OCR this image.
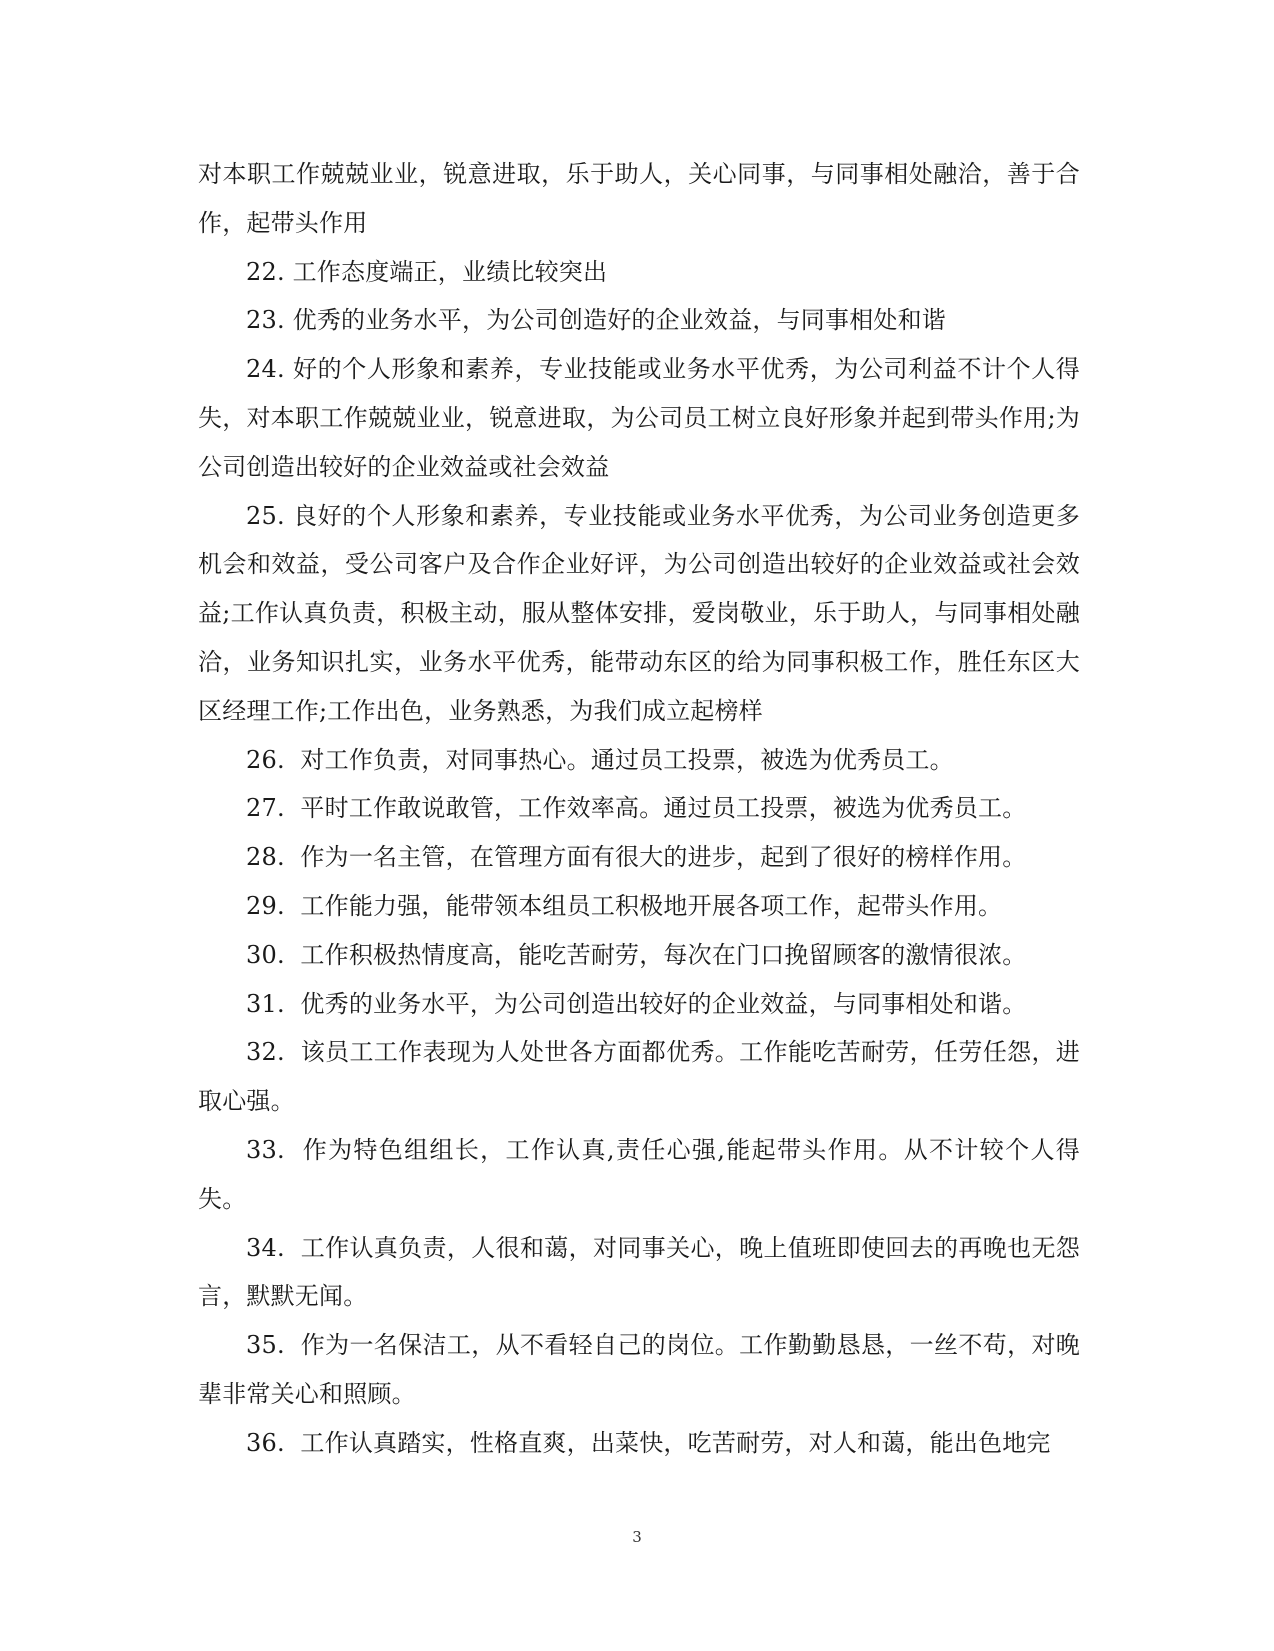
对本职工作兢兢业业，锐意进取，乐于助人，关心同事，与同事相处融洽，善于合作，起带头作用

22. 工作态度端正，业绩比较突出

23. 优秀的业务水平，为公司创造好的企业效益，与同事相处和谐

24. 好的个人形象和素养，专业技能或业务水平优秀，为公司利益不计个人得失，对本职工作兢兢业业，锐意进取，为公司员工树立良好形象并起到带头作用;为公司创造出较好的企业效益或社会效益

25. 良好的个人形象和素养，专业技能或业务水平优秀，为公司业务创造更多机会和效益，受公司客户及合作企业好评，为公司创造出较好的企业效益或社会效益;工作认真负责，积极主动，服从整体安排，爱岗敬业，乐于助人，与同事相处融洽，业务知识扎实，业务水平优秀，能带动东区的给为同事积极工作，胜任东区大区经理工作;工作出色，业务熟悉，为我们成立起榜样

26.  对工作负责，对同事热心。通过员工投票，被选为优秀员工。

27.  平时工作敢说敢管，工作效率高。通过员工投票，被选为优秀员工。

28.  作为一名主管，在管理方面有很大的进步，起到了很好的榜样作用。

29.  工作能力强，能带领本组员工积极地开展各项工作，起带头作用。

30.  工作积极热情度高，能吃苦耐劳，每次在门口挽留顾客的激情很浓。

31.  优秀的业务水平，为公司创造出较好的企业效益，与同事相处和谐。

32.  该员工工作表现为人处世各方面都优秀。工作能吃苦耐劳，任劳任怨，进取心强。

33.  作为特色组组长，工作认真,责任心强,能起带头作用。从不计较个人得失。

34.  工作认真负责，人很和蔼，对同事关心，晚上值班即使回去的再晚也无怨言，默默无闻。

35.  作为一名保洁工，从不看轻自己的岗位。工作勤勤恳恳，一丝不苟，对晚辈非常关心和照顾。

36.  工作认真踏实，性格直爽，出菜快，吃苦耐劳，对人和蔼，能出色地完

3
